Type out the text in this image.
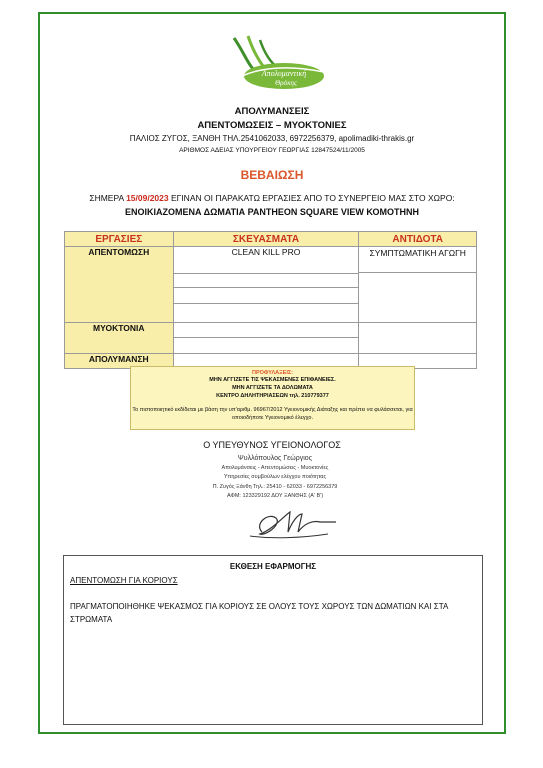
Απολυμαντική
Θράκης
ΑΠΟΛΥΜΑΝΣΕΙΣ
ΑΠΕΝΤΟΜΩΣΕΙΣ – ΜΥΟΚΤΟΝΙΕΣ
ΠΑΛΙΟΣ ΖΥΓΟΣ, ΞΑΝΘΗ ΤΗΛ.2541062033, 6972256379, apolimadiki-thrakis.gr
ΑΡΙΘΜΟΣ ΑΔΕΙΑΣ ΥΠΟΥΡΓΕΙΟΥ ΓΕΩΡΓΙΑΣ 12847524/11/2005
ΒΕΒΑΙΩΣΗ
ΣΗΜΕΡΑ 15/09/2023 ΕΓΙΝΑΝ ΟΙ ΠΑΡΑΚΑΤΩ ΕΡΓΑΣΙΕΣ ΑΠΟ ΤΟ ΣΥΝΕΡΓΕΙΟ ΜΑΣ ΣΤΟ ΧΩΡΟ:
ΕΝΟΙΚΙΑΖΟΜΕΝΑ ΔΩΜΑΤΙΑ PANTHEON SQUARE VIEW ΚΟΜΟΤΗΝΗ
ΕΡΓΑΣΙΕΣ	ΣΚΕΥΑΣΜΑΤΑ	ΑΝΤΙΔΟΤΑ
ΑΠΕΝΤΟΜΩΣΗ	CLEAN KILL PRO	ΣΥΜΠΤΩΜΑΤΙΚΗ ΑΓΩΓΗ

ΜΥΟΚΤΟΝΙΑ	

ΑΠΟΛΥΜΑΝΣΗ		
ΠΡΟΦΥΛΑΞΕΙΣ:
ΜΗΝ ΑΓΓΙΖΕΤΕ ΤΙΣ ΨΕΚΑΣΜΕΝΕΣ ΕΠΙΦΑΝΕΙΕΣ.
ΜΗΝ ΑΓΓΙΖΕΤΕ ΤΑ ΔΟΛΩΜΑΤΑ
ΚΕΝΤΡΟ ΔΗΛΗΤΗΡΙΑΣΕΩΝ τηλ. 210779377
Το πιστοποιητικό εκδίδεται με βάση την υπ'αριθμ. 96967/2012 Υγειονομικής Διάταξης και πρέπει να φυλάσσεται, για οποιοδήποτε Υγειονομικό έλεγχο.
Ο ΥΠΕΥΘΥΝΟΣ ΥΓΕΙΟΝΟΛΟΓΟΣ
Ψυλλόπουλος Γεώργιος
Απολυμάνσεις - Απεντομώσεις - Μυοκτονίες
Υπηρεσίες συμβούλων ελέγχου ποιότητας
Π. Ζυγός Ξάνθη Τηλ.: 25410 - 62033 - 6972256379
ΑΦΜ: 123329192 ΔΟΥ ΞΑΝΘΗΣ (Α' Β')
ΕΚΘΕΣΗ ΕΦΑΡΜΟΓΗΣ
ΑΠΕΝΤΟΜΩΣΗ ΓΙΑ ΚΟΡΙΟΥΣ
ΠΡΑΓΜΑΤΟΠΟΙΗΘΗΚΕ ΨΕΚΑΣΜΟΣ ΓΙΑ ΚΟΡΙΟΥΣ ΣΕ ΟΛΟΥΣ ΤΟΥΣ ΧΩΡΟΥΣ ΤΩΝ ΔΩΜΑΤΙΩΝ ΚΑΙ ΣΤΑ ΣΤΡΩΜΑΤΑ
